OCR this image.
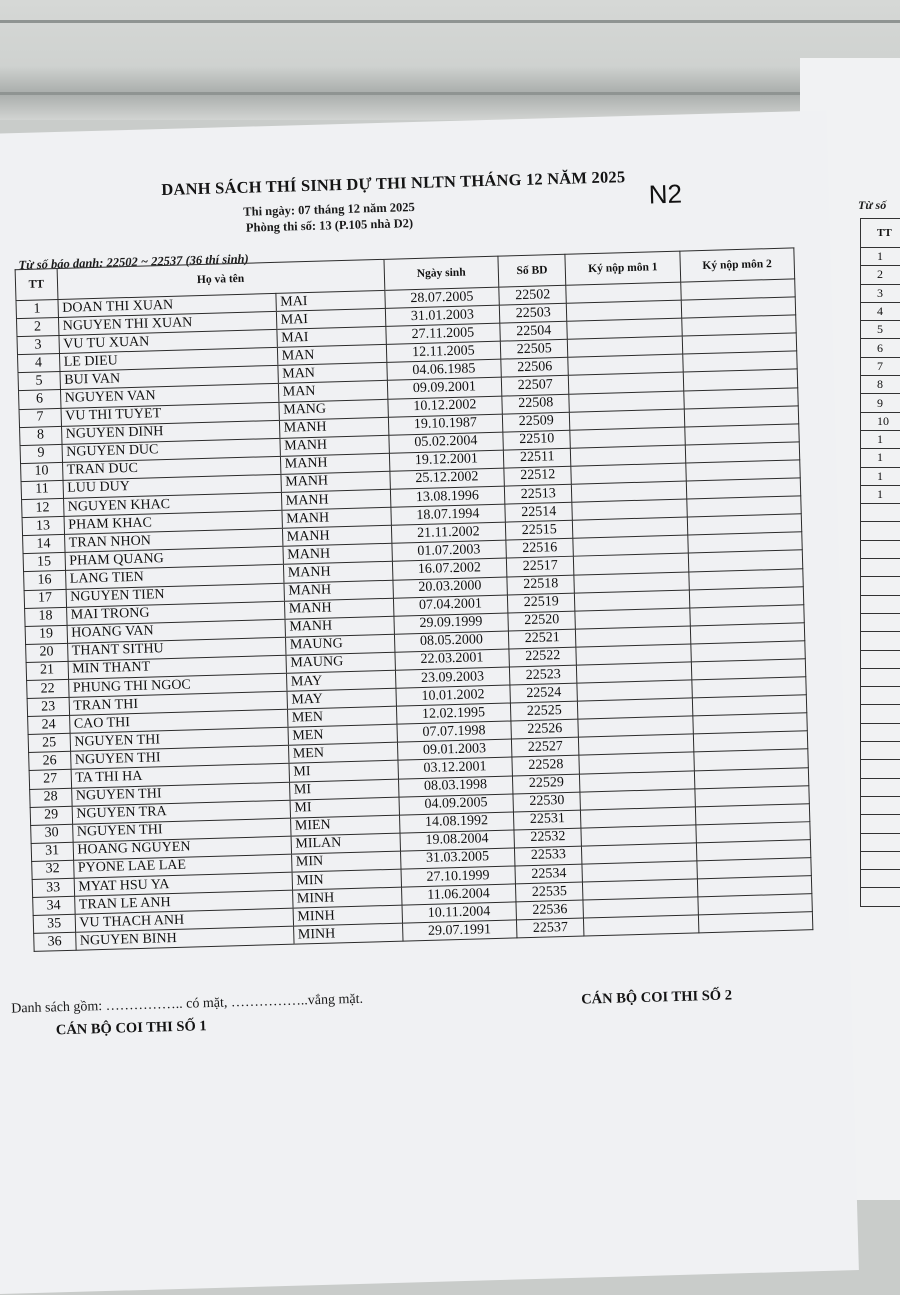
Từ số
TT
1
2
3
4
5
6
7
8
9
10
1
1
1
1

DANH SÁCH THÍ SINH DỰ THI NLTN THÁNG 12 NĂM 2025
Thi ngày: 07 tháng 12 năm 2025
Phòng thi số: 13 (P.105 nhà D2)
N2
Từ số báo danh: 22502 ~ 22537 (36 thí sinh)
TT	Họ và tên		Ngày sinh	Số BD	Ký nộp môn 1	Ký nộp môn 2
1	DOAN THI XUAN	MAI	28.07.2005	22502		
2	NGUYEN THI XUAN	MAI	31.01.2003	22503		
3	VU TU XUAN	MAI	27.11.2005	22504		
4	LE DIEU	MAN	12.11.2005	22505		
5	BUI VAN	MAN	04.06.1985	22506		
6	NGUYEN VAN	MAN	09.09.2001	22507		
7	VU THI TUYET	MANG	10.12.2002	22508		
8	NGUYEN DINH	MANH	19.10.1987	22509		
9	NGUYEN DUC	MANH	05.02.2004	22510		
10	TRAN DUC	MANH	19.12.2001	22511		
11	LUU DUY	MANH	25.12.2002	22512		
12	NGUYEN KHAC	MANH	13.08.1996	22513		
13	PHAM KHAC	MANH	18.07.1994	22514		
14	TRAN NHON	MANH	21.11.2002	22515		
15	PHAM QUANG	MANH	01.07.2003	22516		
16	LANG TIEN	MANH	16.07.2002	22517		
17	NGUYEN TIEN	MANH	20.03.2000	22518		
18	MAI TRONG	MANH	07.04.2001	22519		
19	HOANG VAN	MANH	29.09.1999	22520		
20	THANT SITHU	MAUNG	08.05.2000	22521		
21	MIN THANT	MAUNG	22.03.2001	22522		
22	PHUNG THI NGOC	MAY	23.09.2003	22523		
23	TRAN THI	MAY	10.01.2002	22524		
24	CAO THI	MEN	12.02.1995	22525		
25	NGUYEN THI	MEN	07.07.1998	22526		
26	NGUYEN THI	MEN	09.01.2003	22527		
27	TA THI HA	MI	03.12.2001	22528		
28	NGUYEN THI	MI	08.03.1998	22529		
29	NGUYEN TRA	MI	04.09.2005	22530		
30	NGUYEN THI	MIEN	14.08.1992	22531		
31	HOANG NGUYEN	MILAN	19.08.2004	22532		
32	PYONE LAE LAE	MIN	31.03.2005	22533		
33	MYAT HSU YA	MIN	27.10.1999	22534		
34	TRAN LE ANH	MINH	11.06.2004	22535		
35	VU THACH ANH	MINH	10.11.2004	22536		
36	NGUYEN BINH	MINH	29.07.1991	22537		
Danh sách gồm: …………….. có mặt, ……………..vắng mặt.
CÁN BỘ COI THI SỐ 1
CÁN BỘ COI THI SỐ 2
